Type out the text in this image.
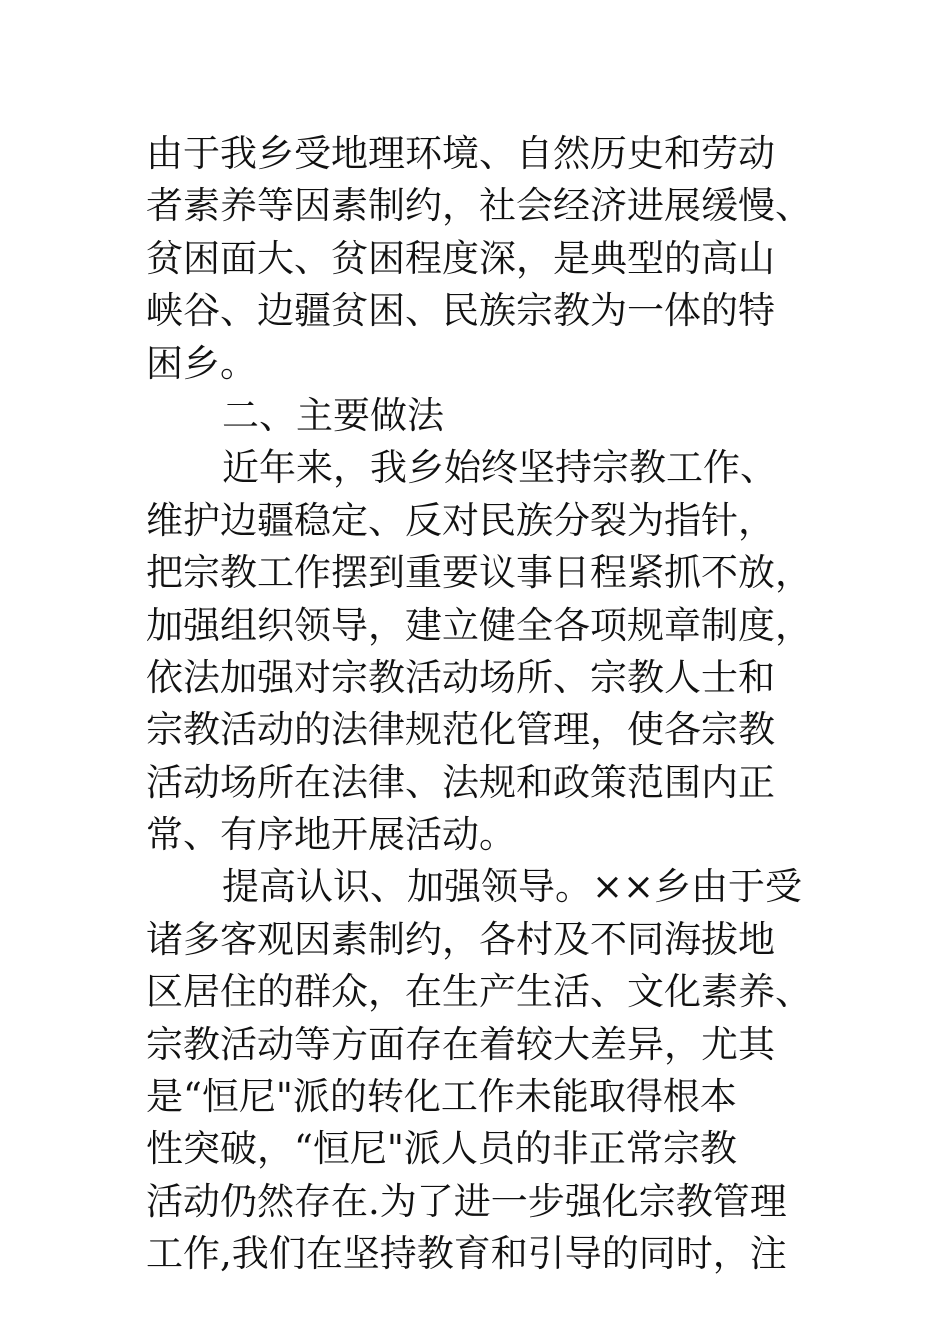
由于我乡受地理环境、自然历史和劳动
者素养等因素制约，社会经济进展缓慢、
贫困面大、贫困程度深，是典型的高山
峡谷、边疆贫困、民族宗教为一体的特
困乡。
二、主要做法
近年来，我乡始终坚持宗教工作、
维护边疆稳定、反对民族分裂为指针，
把宗教工作摆到重要议事日程紧抓不放，
加强组织领导，建立健全各项规章制度，
依法加强对宗教活动场所、宗教人士和
宗教活动的法律规范化管理，使各宗教
活动场所在法律、法规和政策范围内正
常、有序地开展活动。
提高认识、加强领导。××乡由于受
诸多客观因素制约，各村及不同海拔地
区居住的群众，在生产生活、文化素养、
宗教活动等方面存在着较大差异，尤其
是“恒尼"派的转化工作未能取得根本
性突破，“恒尼"派人员的非正常宗教
活动仍然存在.为了进一步强化宗教管理
工作,我们在坚持教育和引导的同时，注
